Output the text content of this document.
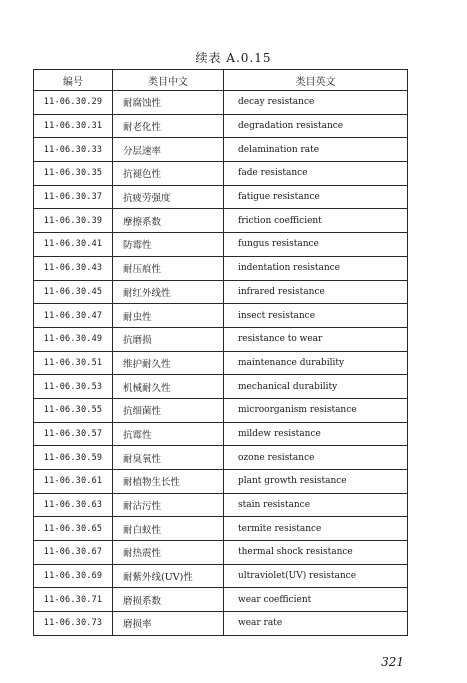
续表 A.0.15
编号	类目中文	类目英文
11-06.30.29	耐腐蚀性	decay resistance
11-06.30.31	耐老化性	degradation resistance
11-06.30.33	分层速率	delamination rate
11-06.30.35	抗褪色性	fade resistance
11-06.30.37	抗疲劳强度	fatigue resistance
11-06.30.39	摩擦系数	friction coefficient
11-06.30.41	防霉性	fungus resistance
11-06.30.43	耐压痕性	indentation resistance
11-06.30.45	耐红外线性	infrared resistance
11-06.30.47	耐虫性	insect resistance
11-06.30.49	抗磨损	resistance to wear
11-06.30.51	维护耐久性	maintenance durability
11-06.30.53	机械耐久性	mechanical durability
11-06.30.55	抗细菌性	microorganism resistance
11-06.30.57	抗霉性	mildew resistance
11-06.30.59	耐臭氧性	ozone resistance
11-06.30.61	耐植物生长性	plant growth resistance
11-06.30.63	耐沾污性	stain resistance
11-06.30.65	耐白蚁性	termite resistance
11-06.30.67	耐热震性	thermal shock resistance
11-06.30.69	耐紫外线(UV)性	ultraviolet(UV) resistance
11-06.30.71	磨损系数	wear coefficient
11-06.30.73	磨损率	wear rate
321
